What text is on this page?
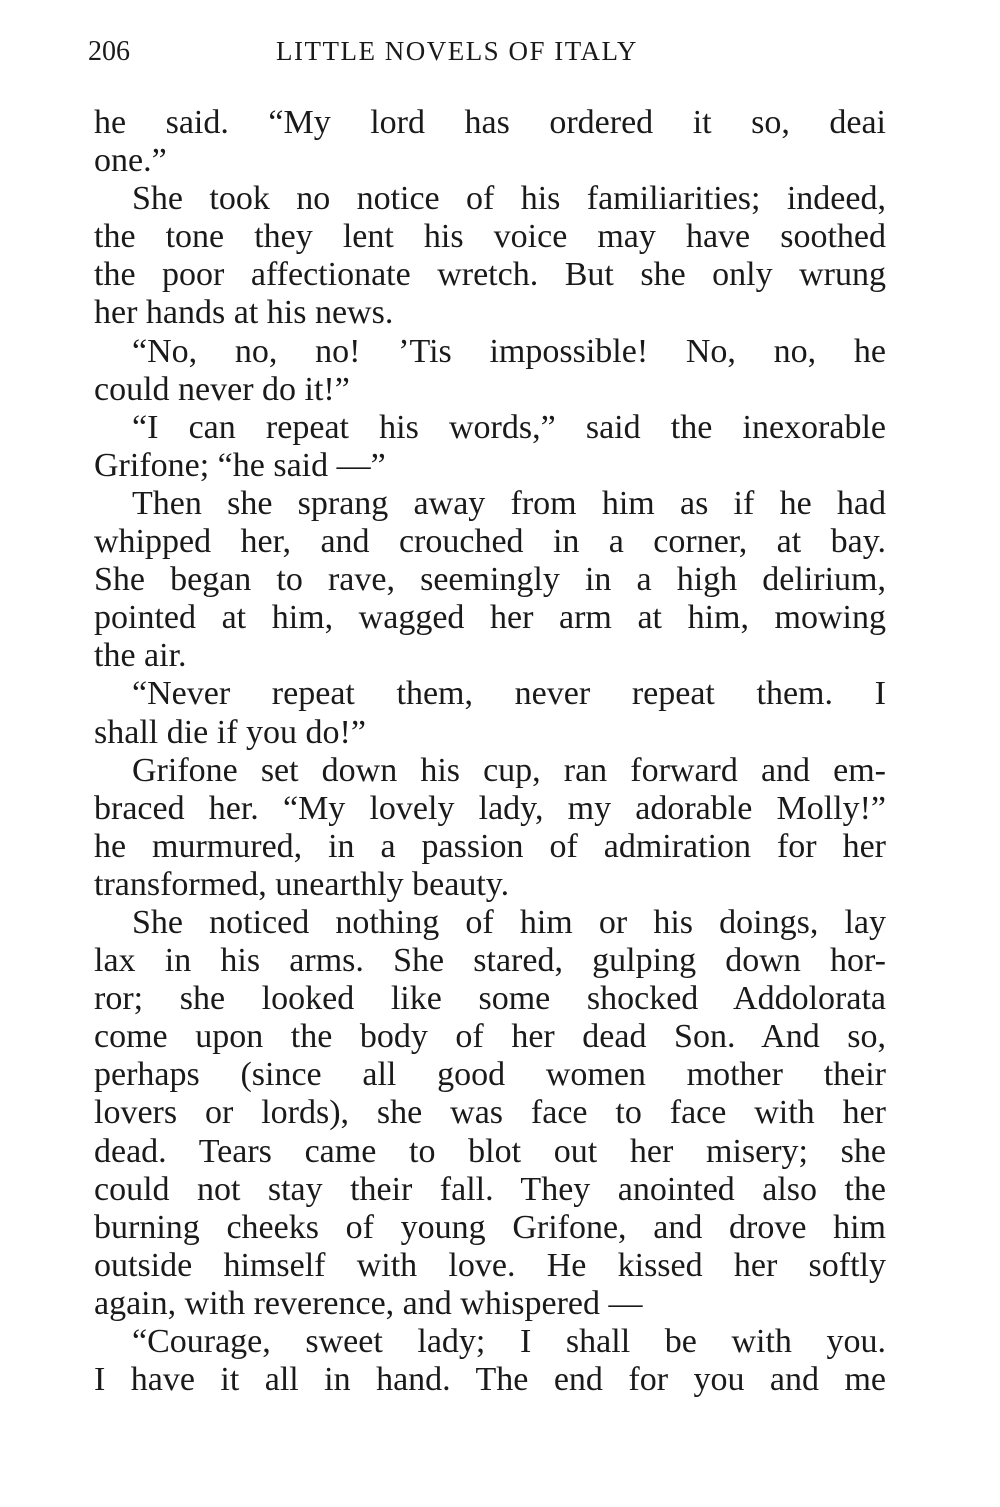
206	LITTLE NOVELS OF ITALY
he said. “My lord has ordered it so, deai
one.”
She took no notice of his familiarities; indeed,
the tone they lent his voice may have soothed
the poor affectionate wretch. But she only wrung
her hands at his news.
“No, no, no! ’Tis impossible! No, no, he
could never do it!”
“I can repeat his words,” said the inexorable
Grifone; “he said —”
Then she sprang away from him as if he had
whipped her, and crouched in a corner, at bay.
She began to rave, seemingly in a high delirium,
pointed at him, wagged her arm at him, mowing
the air.
“Never repeat them, never repeat them. I
shall die if you do!”
Grifone set down his cup, ran forward and em-
braced her. “My lovely lady, my adorable Molly!”
he murmured, in a passion of admiration for her
transformed, unearthly beauty.
She noticed nothing of him or his doings, lay
lax in his arms. She stared, gulping down hor-
ror; she looked like some shocked Addolorata
come upon the body of her dead Son. And so,
perhaps (since all good women mother their
lovers or lords), she was face to face with her
dead. Tears came to blot out her misery; she
could not stay their fall. They anointed also the
burning cheeks of young Grifone, and drove him
outside himself with love. He kissed her softly
again, with reverence, and whispered —
“Courage, sweet lady; I shall be with you.
I have it all in hand. The end for you and me
